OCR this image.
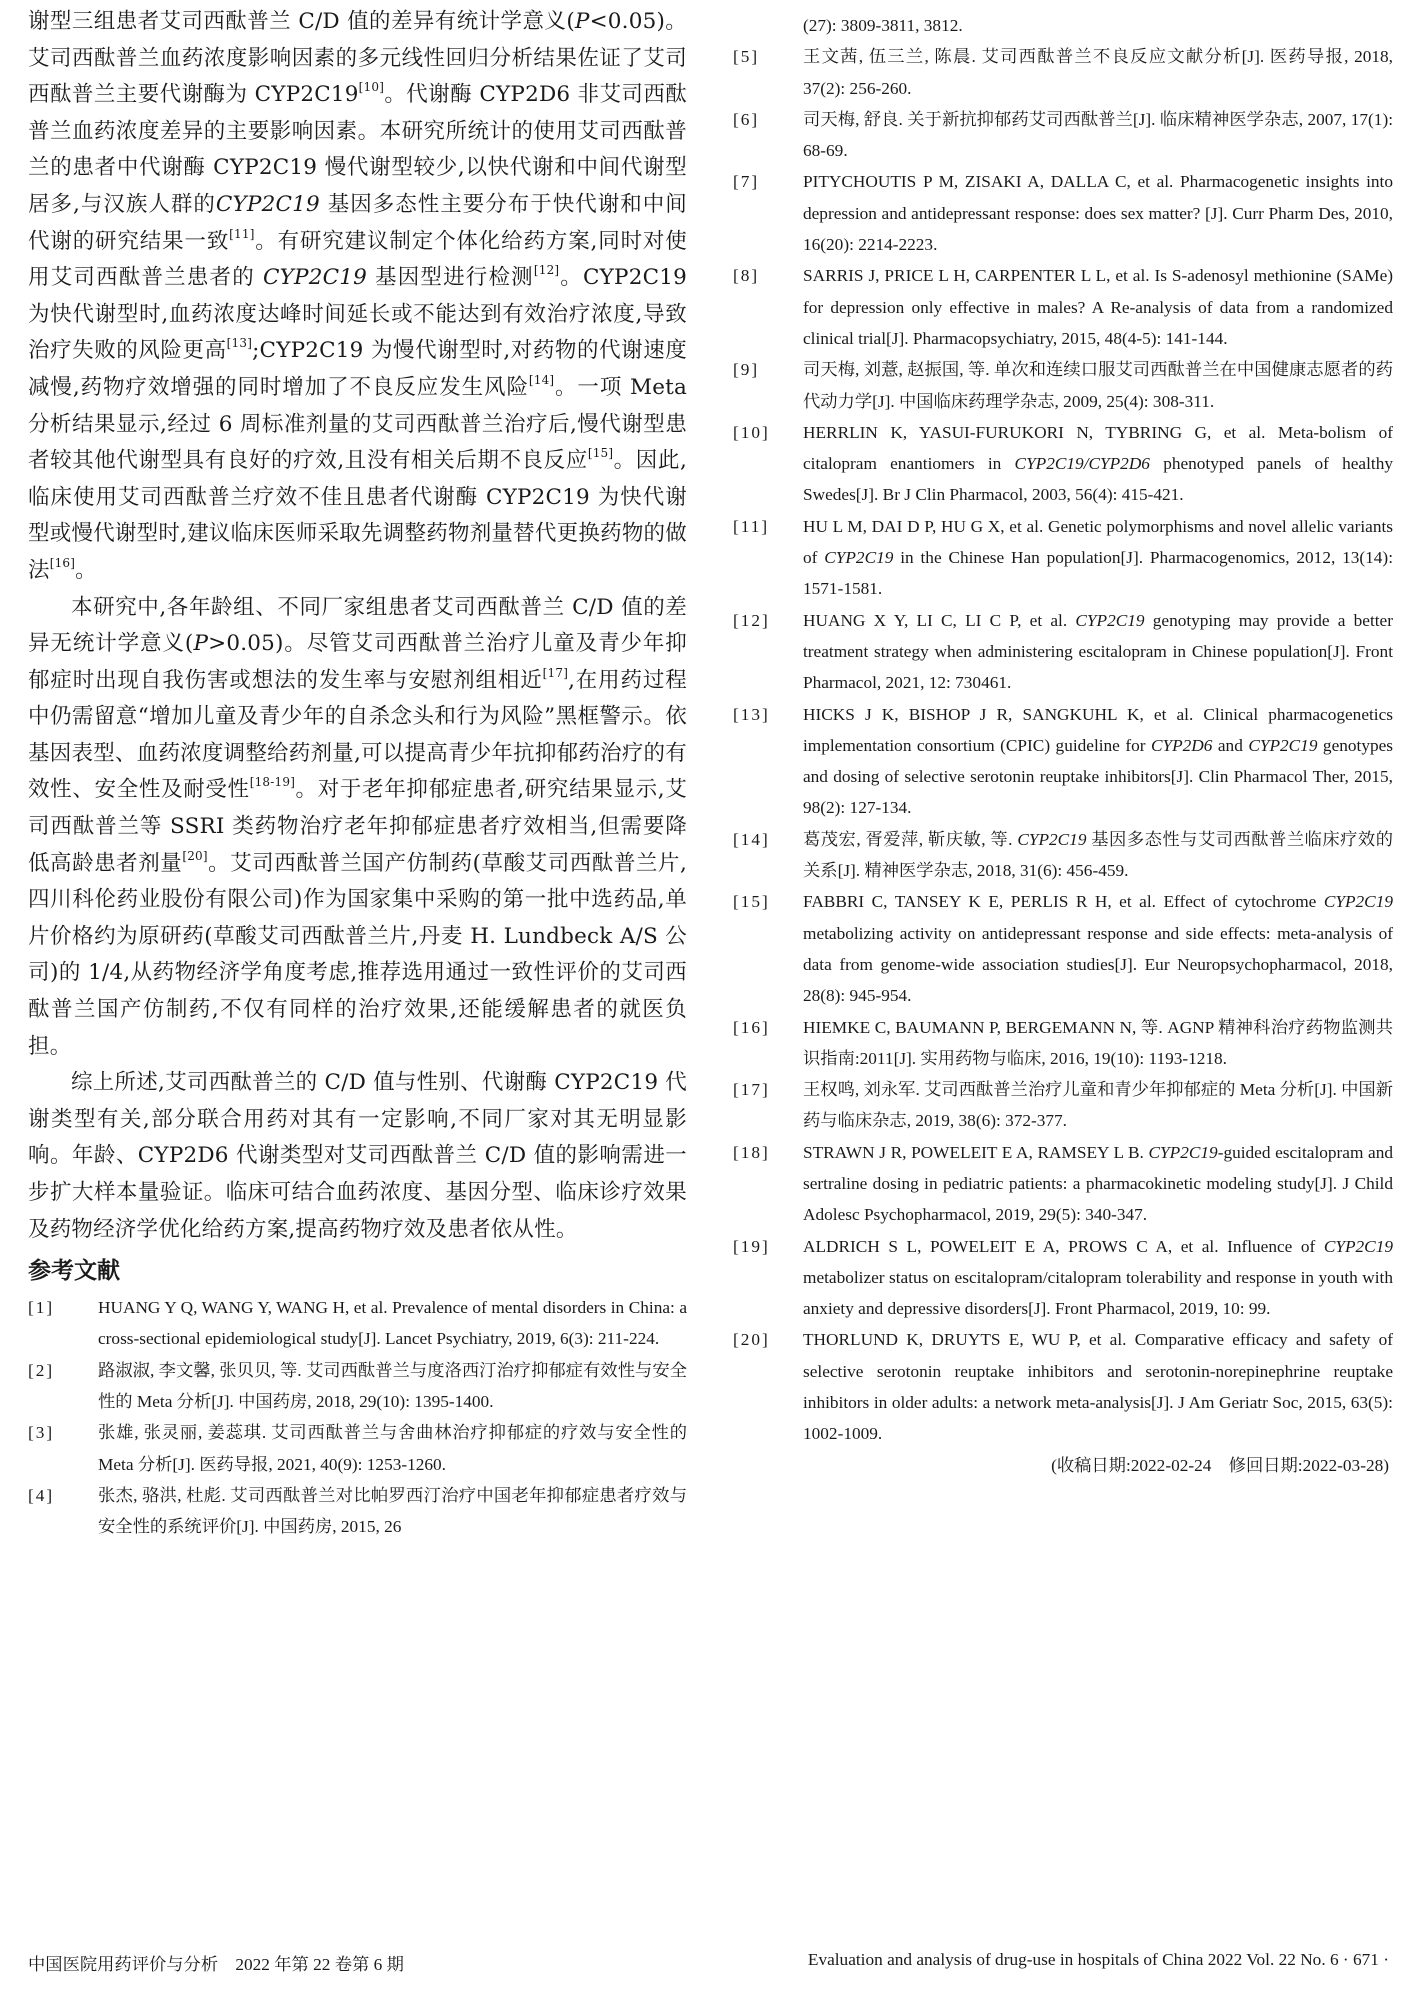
谢型三组患者艾司西酞普兰 C/D 值的差异有统计学意义(P<0.05)。艾司西酞普兰血药浓度影响因素的多元线性回归分析结果佐证了艾司西酞普兰主要代谢酶为 CYP2C19[10]。代谢酶 CYP2D6 非艾司西酞普兰血药浓度差异的主要影响因素。本研究所统计的使用艾司西酞普兰的患者中代谢酶 CYP2C19 慢代谢型较少,以快代谢和中间代谢型居多,与汉族人群的CYP2C19 基因多态性主要分布于快代谢和中间代谢的研究结果一致[11]。有研究建议制定个体化给药方案,同时对使用艾司西酞普兰患者的 CYP2C19 基因型进行检测[12]。CYP2C19 为快代谢型时,血药浓度达峰时间延长或不能达到有效治疗浓度,导致治疗失败的风险更高[13];CYP2C19 为慢代谢型时,对药物的代谢速度减慢,药物疗效增强的同时增加了不良反应发生风险[14]。一项 Meta 分析结果显示,经过 6 周标准剂量的艾司西酞普兰治疗后,慢代谢型患者较其他代谢型具有良好的疗效,且没有相关后期不良反应[15]。因此,临床使用艾司西酞普兰疗效不佳且患者代谢酶 CYP2C19 为快代谢型或慢代谢型时,建议临床医师采取先调整药物剂量替代更换药物的做法[16]。

本研究中,各年龄组、不同厂家组患者艾司西酞普兰 C/D 值的差异无统计学意义(P>0.05)。尽管艾司西酞普兰治疗儿童及青少年抑郁症时出现自我伤害或想法的发生率与安慰剂组相近[17],在用药过程中仍需留意“增加儿童及青少年的自杀念头和行为风险”黑框警示。依基因表型、血药浓度调整给药剂量,可以提高青少年抗抑郁药治疗的有效性、安全性及耐受性[18-19]。对于老年抑郁症患者,研究结果显示,艾司西酞普兰等 SSRI 类药物治疗老年抑郁症患者疗效相当,但需要降低高龄患者剂量[20]。艾司西酞普兰国产仿制药(草酸艾司西酞普兰片,四川科伦药业股份有限公司)作为国家集中采购的第一批中选药品,单片价格约为原研药(草酸艾司西酞普兰片,丹麦 H. Lundbeck A/S 公司)的 1/4,从药物经济学角度考虑,推荐选用通过一致性评价的艾司西酞普兰国产仿制药,不仅有同样的治疗效果,还能缓解患者的就医负担。

综上所述,艾司西酞普兰的 C/D 值与性别、代谢酶 CYP2C19 代谢类型有关,部分联合用药对其有一定影响,不同厂家对其无明显影响。年龄、CYP2D6 代谢类型对艾司西酞普兰 C/D 值的影响需进一步扩大样本量验证。临床可结合血药浓度、基因分型、临床诊疗效果及药物经济学优化给药方案,提高药物疗效及患者依从性。

参考文献
[1]	HUANG Y Q, WANG Y, WANG H, et al. Prevalence of mental disorders in China: a cross-sectional epidemiological study[J]. Lancet Psychiatry, 2019, 6(3): 211-224.
[2]	路淑淑, 李文馨, 张贝贝, 等. 艾司西酞普兰与度洛西汀治疗抑郁症有效性与安全性的 Meta 分析[J]. 中国药房, 2018, 29(10): 1395-1400.
[3]	张雄, 张灵丽, 姜蕊琪. 艾司西酞普兰与舍曲林治疗抑郁症的疗效与安全性的 Meta 分析[J]. 医药导报, 2021, 40(9): 1253-1260.
[4]	张杰, 骆洪, 杜彪. 艾司西酞普兰对比帕罗西汀治疗中国老年抑郁症患者疗效与安全性的系统评价[J]. 中国药房, 2015, 26
(27): 3809-3811, 3812.
[5]	王文茜, 伍三兰, 陈晨. 艾司西酞普兰不良反应文献分析[J]. 医药导报, 2018, 37(2): 256-260.
[6]	司天梅, 舒良. 关于新抗抑郁药艾司西酞普兰[J]. 临床精神医学杂志, 2007, 17(1): 68-69.
[7]	PITYCHOUTIS P M, ZISAKI A, DALLA C, et al. Pharmacogenetic insights into depression and antidepressant response: does sex matter? [J]. Curr Pharm Des, 2010, 16(20): 2214-2223.
[8]	SARRIS J, PRICE L H, CARPENTER L L, et al. Is S-adenosyl methionine (SAMe) for depression only effective in males? A Re-analysis of data from a randomized clinical trial[J]. Pharmacopsychiatry, 2015, 48(4-5): 141-144.
[9]	司天梅, 刘薏, 赵振国, 等. 单次和连续口服艾司西酞普兰在中国健康志愿者的药代动力学[J]. 中国临床药理学杂志, 2009, 25(4): 308-311.
[10] HERRLIN K, YASUI-FURUKORI N, TYBRING G, et al. Meta-bolism of citalopram enantiomers in CYP2C19/CYP2D6 phenotyped panels of healthy Swedes[J]. Br J Clin Pharmacol, 2003, 56(4): 415-421.
[11] HU L M, DAI D P, HU G X, et al. Genetic polymorphisms and novel allelic variants of CYP2C19 in the Chinese Han population[J]. Pharmacogenomics, 2012, 13(14): 1571-1581.
[12] HUANG X Y, LI C, LI C P, et al. CYP2C19 genotyping may provide a better treatment strategy when administering escitalopram in Chinese population[J]. Front Pharmacol, 2021, 12: 730461.
[13] HICKS J K, BISHOP J R, SANGKUHL K, et al. Clinical pharmacogenetics implementation consortium (CPIC) guideline for CYP2D6 and CYP2C19 genotypes and dosing of selective serotonin reuptake inhibitors[J]. Clin Pharmacol Ther, 2015, 98(2): 127-134.
[14] 葛茂宏, 胥爱萍, 靳庆敏, 等. CYP2C19 基因多态性与艾司西酞普兰临床疗效的关系[J]. 精神医学杂志, 2018, 31(6): 456-459.
[15] FABBRI C, TANSEY K E, PERLIS R H, et al. Effect of cytochrome CYP2C19 metabolizing activity on antidepressant response and side effects: meta-analysis of data from genome-wide association studies[J]. Eur Neuropsychopharmacol, 2018, 28(8): 945-954.
[16] HIEMKE C, BAUMANN P, BERGEMANN N, 等. AGNP 精神科治疗药物监测共识指南:2011[J]. 实用药物与临床, 2016, 19(10): 1193-1218.
[17] 王权鸣, 刘永军. 艾司西酞普兰治疗儿童和青少年抑郁症的 Meta 分析[J]. 中国新药与临床杂志, 2019, 38(6): 372-377.
[18] STRAWN J R, POWELEIT E A, RAMSEY L B. CYP2C19-guided escitalopram and sertraline dosing in pediatric patients: a pharmacokinetic modeling study[J]. J Child Adolesc Psychopharmacol, 2019, 29(5): 340-347.
[19] ALDRICH S L, POWELEIT E A, PROWS C A, et al. Influence of CYP2C19 metabolizer status on escitalopram/citalopram tolerability and response in youth with anxiety and depressive disorders[J]. Front Pharmacol, 2019, 10: 99.
[20] THORLUND K, DRUYTS E, WU P, et al. Comparative efficacy and safety of selective serotonin reuptake inhibitors and serotonin-norepinephrine reuptake inhibitors in older adults: a network meta-analysis[J]. J Am Geriatr Soc, 2015, 63(5): 1002-1009.
(收稿日期:2022-02-24　修回日期:2022-03-28)
中国医院用药评价与分析　2022 年第 22 卷第 6 期	Evaluation and analysis of drug-use in hospitals of China 2022 Vol. 22 No. 6 · 671 ·
